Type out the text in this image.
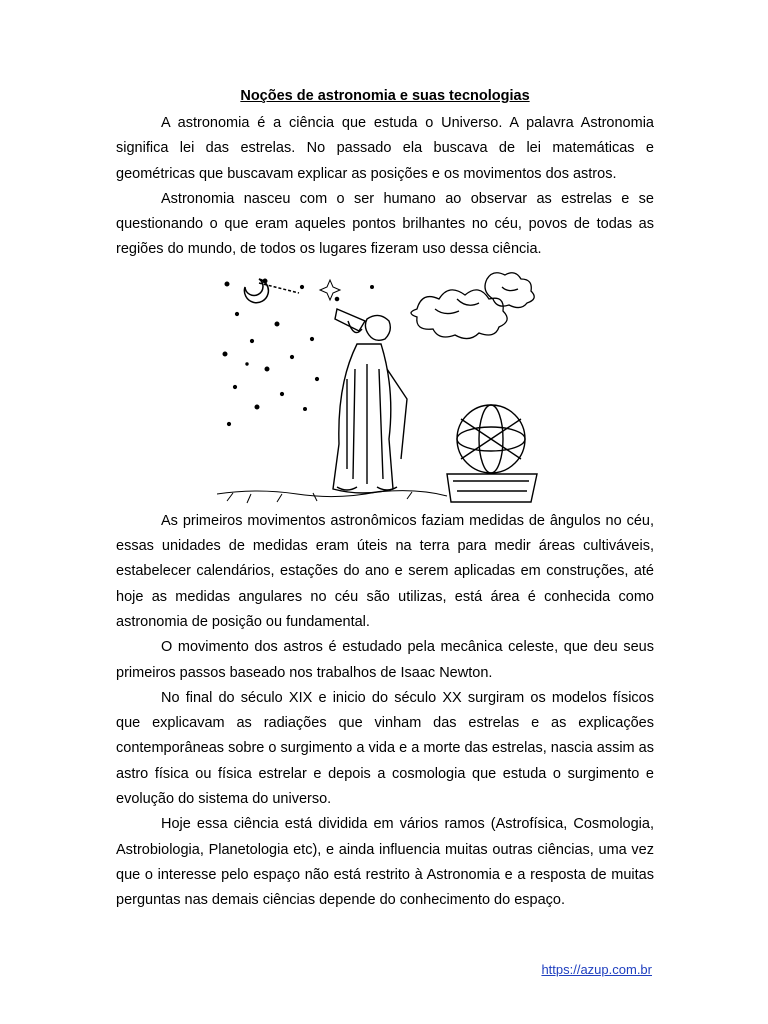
Noções de astronomia e suas tecnologias

A astronomia é a ciência que estuda o Universo. A palavra Astronomia significa lei das estrelas. No passado ela buscava de lei matemáticas e geométricas que buscavam explicar as posições e os movimentos dos astros.

Astronomia nasceu com o ser humano ao observar as estrelas e se questionando o que eram aqueles pontos brilhantes no céu, povos de todas as regiões do mundo, de todos os lugares fizeram uso dessa ciência.

As primeiros movimentos astronômicos faziam medidas de ângulos no céu, essas unidades de medidas eram úteis na terra para medir áreas cultiváveis, estabelecer calendários, estações do ano e serem aplicadas em construções, até hoje as medidas angulares no céu são utilizas, está área é conhecida como astronomia de posição ou fundamental.

O movimento dos astros é estudado pela mecânica celeste, que deu seus primeiros passos baseado nos trabalhos de Isaac Newton.

No final do século XIX e inicio do século XX surgiram os modelos físicos que explicavam as radiações que vinham das estrelas e as explicações contemporâneas sobre o surgimento a vida e a morte das estrelas, nascia assim as astro física ou física estrelar e depois a cosmologia que estuda o surgimento e evolução do sistema do universo.

Hoje essa ciência está dividida em vários ramos (Astrofísica, Cosmologia, Astrobiologia, Planetologia etc), e ainda influencia muitas outras ciências, uma vez que o interesse pelo espaço não está restrito à Astronomia e a resposta de muitas perguntas nas demais ciências depende do conhecimento do espaço.

https://azup.com.br
